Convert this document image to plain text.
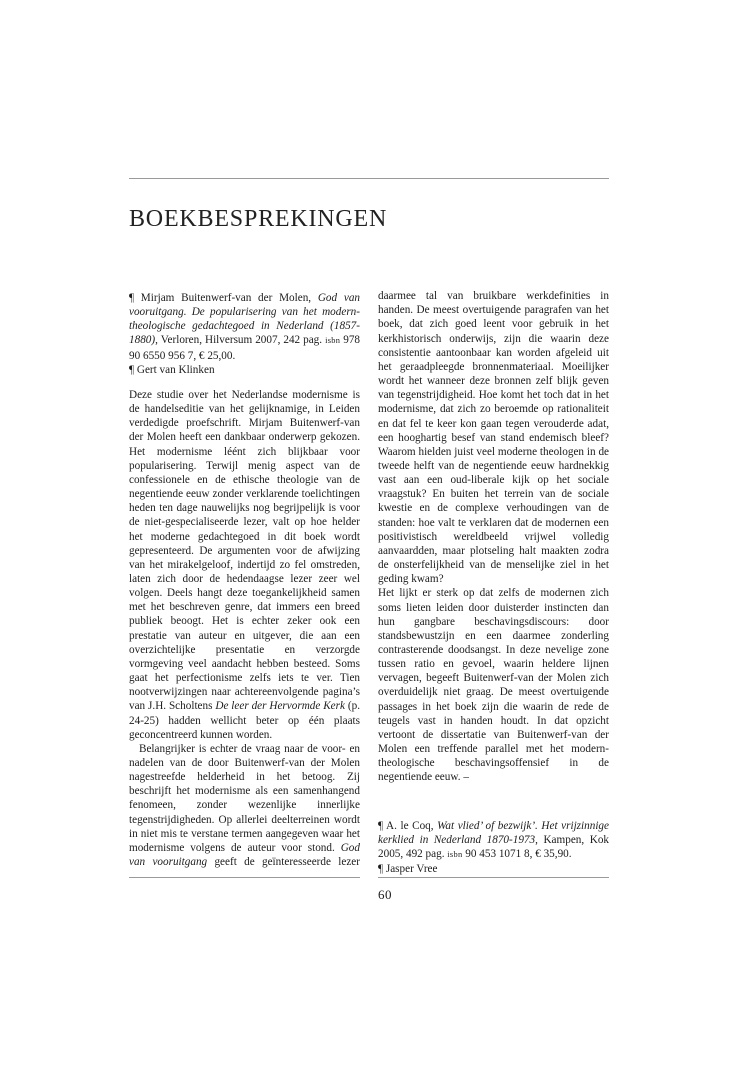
BOEKBESPREKINGEN

¶ Mirjam Buitenwerf-van der Molen, God van vooruitgang. De popularisering van het modern-theologische gedachtegoed in Nederland (1857-1880), Verloren, Hilversum 2007, 242 pag. isbn 978 90 6550 956 7, € 25,00.

¶ Gert van Klinken

Deze studie over het Nederlandse modernisme is de handelseditie van het gelijknamige, in Leiden verdedigde proefschrift. Mirjam Buitenwerf-van der Molen heeft een dankbaar onderwerp gekozen. Het modernisme léént zich blijkbaar voor popularisering. Terwijl menig aspect van de confessionele en de ethische theologie van de negentiende eeuw zonder verklarende toelichtingen heden ten dage nauwelijks nog begrijpelijk is voor de niet-gespecialiseerde lezer, valt op hoe helder het moderne gedachtegoed in dit boek wordt gepresenteerd. De argumenten voor de afwijzing van het mirakelgeloof, indertijd zo fel omstreden, laten zich door de hedendaagse lezer zeer wel volgen. Deels hangt deze toegankelijkheid samen met het beschreven genre, dat immers een breed publiek beoogt. Het is echter zeker ook een prestatie van auteur en uitgever, die aan een overzichtelijke presentatie en verzorgde vormgeving veel aandacht hebben besteed. Soms gaat het perfectionisme zelfs iets te ver. Tien nootverwijzingen naar achtereenvolgende pagina’s van J.H. Scholtens De leer der Hervormde Kerk (p. 24-25) hadden wellicht beter op één plaats geconcentreerd kunnen worden.

Belangrijker is echter de vraag naar de voor- en nadelen van de door Buitenwerf-van der Molen nagestreefde helderheid in het betoog. Zij beschrijft het modernisme als een samenhangend fenomeen, zonder wezenlijke innerlijke tegenstrijdigheden. Op allerlei deelterreinen wordt in niet mis te verstane termen aangegeven waar het modernisme volgens de auteur voor stond. God van vooruitgang geeft de geïnteresseerde lezer

daarmee tal van bruikbare werkdefinities in handen. De meest overtuigende paragrafen van het boek, dat zich goed leent voor gebruik in het kerkhistorisch onderwijs, zijn die waarin deze consistentie aantoonbaar kan worden afgeleid uit het geraadpleegde bronnenmateriaal. Moeilijker wordt het wanneer deze bronnen zelf blijk geven van tegenstrijdigheid. Hoe komt het toch dat in het modernisme, dat zich zo beroemde op rationaliteit en dat fel te keer kon gaan tegen verouderde adat, een hooghartig besef van stand endemisch bleef? Waarom hielden juist veel moderne theologen in de tweede helft van de negentiende eeuw hardnekkig vast aan een oud-liberale kijk op het sociale vraagstuk? En buiten het terrein van de sociale kwestie en de complexe verhoudingen van de standen: hoe valt te verklaren dat de modernen een positivistisch wereldbeeld vrijwel volledig aanvaardden, maar plotseling halt maakten zodra de onsterfelijkheid van de menselijke ziel in het geding kwam?

Het lijkt er sterk op dat zelfs de modernen zich soms lieten leiden door duisterder instincten dan hun gangbare beschavingsdiscours: door standsbewustzijn en een daarmee zonderling contrasterende doodsangst. In deze nevelige zone tussen ratio en gevoel, waarin heldere lijnen vervagen, begeeft Buitenwerf-van der Molen zich overduidelijk niet graag. De meest overtuigende passages in het boek zijn die waarin de rede de teugels vast in handen houdt. In dat opzicht vertoont de dissertatie van Buitenwerf-van der Molen een treffende parallel met het modern-theologische beschavingsoffensief in de negentiende eeuw. –

¶ A. le Coq, Wat vlied’ of bezwijk’. Het vrijzinnige kerklied in Nederland 1870-1973, Kampen, Kok 2005, 492 pag. isbn 90 453 1071 8, € 35,90.

¶ Jasper Vree

60
